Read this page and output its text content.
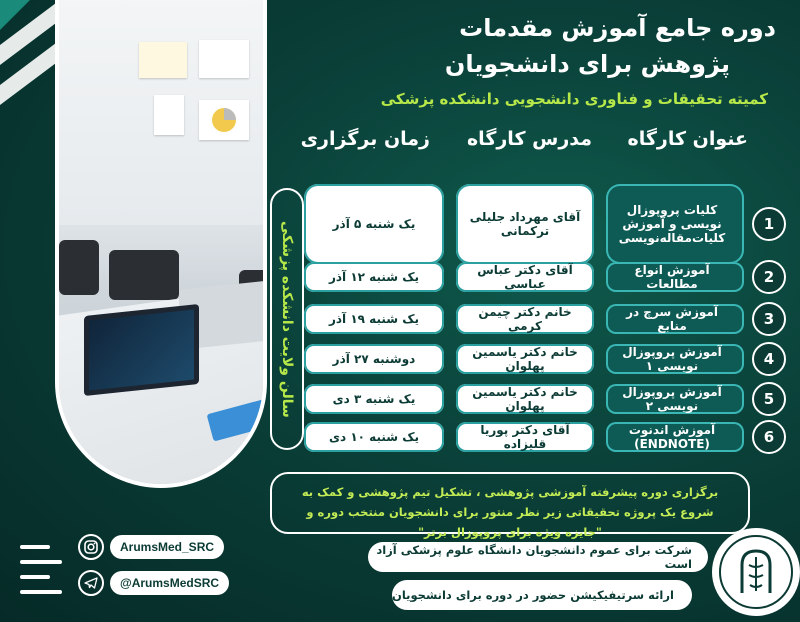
دوره جامع آموزش مقدمات
پژوهش برای دانشجویان
کمیته تحقیقات و فناوری دانشجویی دانشکده پزشکی
عنوان کارگاه
مدرس کارگاه
زمان برگزاری
1
کلیات پروپوزال نویسی و آموزش کلیات‌مقاله‌نویسی
آقای مهرداد جلیلی ترکمانی
یک شنبه ۵ آذر
2
آموزش انواع مطالعات
آقای دکتر عباس عباسی
یک شنبه ۱۲ آذر
3
آموزش سرچ در منابع
خانم دکتر چیمن کرمی
یک شنبه ۱۹ آذر
4
آموزش پروپوزال نویسی ۱
خانم دکتر یاسمین پهلوان
دوشنبه ۲۷ آذر
5
آموزش پروپوزال نویسی ۲
خانم دکتر یاسمین پهلوان
یک شنبه ۳ دی
6
آموزش اندنوت (ENDNOTE)
آقای دکتر پوریا قلیزاده
یک شنبه ۱۰ دی
سالن ولایت دانشکده پزشکی
برگزاری دوره پیشرفته آموزشی پژوهشی ، تشکیل تیم پژوهشی و کمک به شروع یک پروژه تحقیقاتی زیر نظر منتور برای دانشجویان منتخب دوره و "جایزه ویژه برای پروپوزال برتر"
شرکت برای عموم دانشجویان دانشگاه علوم پزشکی آزاد است
ارائه سرتیفیکیشن حضور در دوره برای دانشجویان
ArumsMed_SRC
@ArumsMedSRC
